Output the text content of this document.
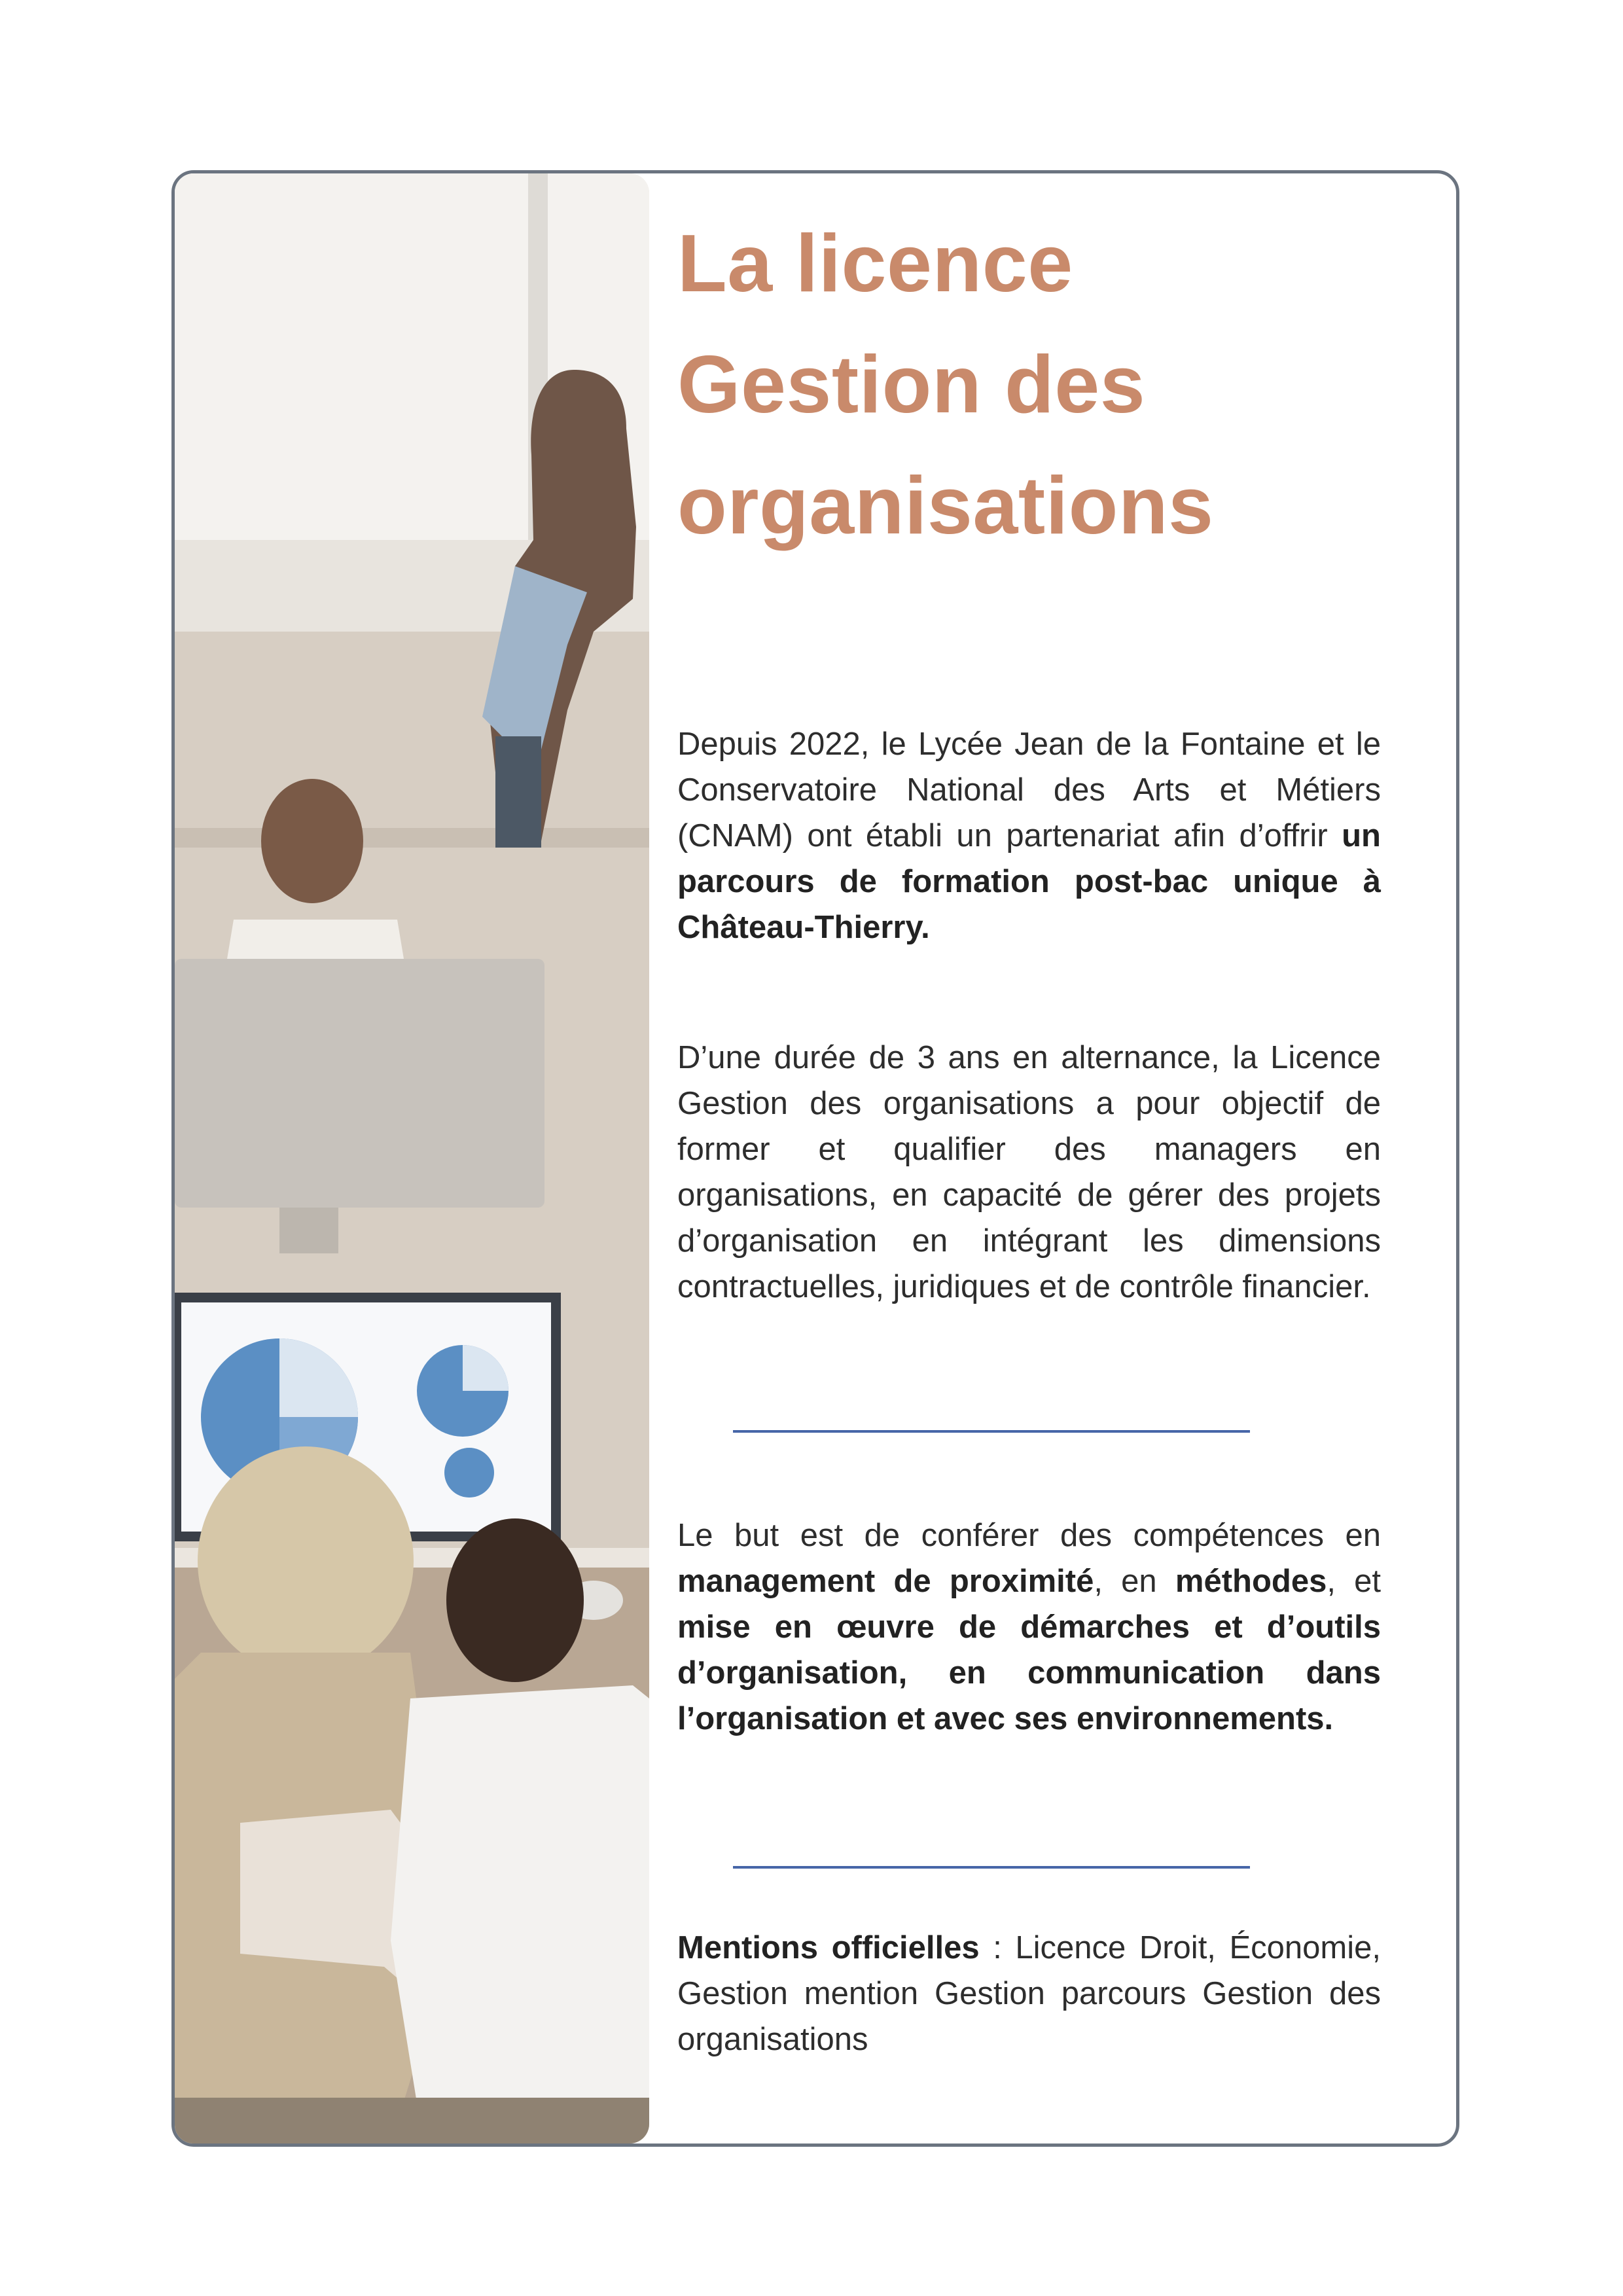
La licence
Gestion des
organisations

Depuis 2022, le Lycée Jean de la Fontaine et le Conservatoire National des Arts et Métiers (CNAM) ont établi un partenariat afin d’offrir un parcours de formation post-bac unique à Château-Thierry.

D’une durée de 3 ans en alternance, la Licence Gestion des organisations a pour objectif de former et qualifier des managers en organisations, en capacité de gérer des projets d’organisation en intégrant les dimensions contractuelles, juridiques et de contrôle financier.

Le but est de conférer des compétences en management de proximité, en méthodes, et mise en œuvre de démarches et d’outils d’organisation, en communication dans l’organisation et avec ses environnements.

Mentions officielles : Licence Droit, Économie, Gestion mention Gestion parcours Gestion des organisations
